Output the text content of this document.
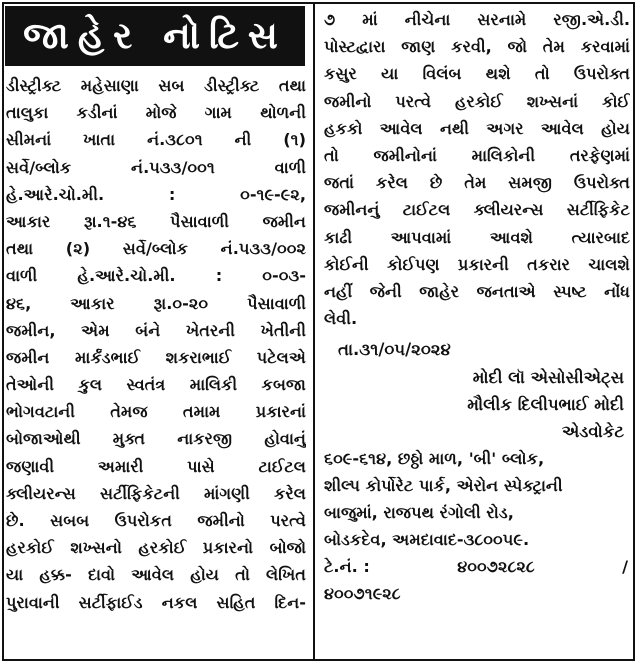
જાહેર નોટિસ
ડીસ્ટ્રીક્ટ મહેસાણા સબ ડીસ્ટ્રીક્ટ તથા
તાલુકા કડીનાં મોજે ગામ થોળની
સીમનાં ખાતા નં.૩૮૦૧ ની (૧)
સર્વે/બ્લોક નં.૫૩૩/૦૦૧ વાળી
હે.આરે.ચો.મી. : ૦-૧૯-૯૨,
આકાર રૂા.૧-૪૬ પૈસાવાળી જમીન
તથા (૨) સર્વે/બ્લોક નં.૫૩૩/૦૦૨
વાળી હે.આરે.ચો.મી. : ૦-૦૩-
૪૬, આકાર રૂા.૦-૨૦ પૈસાવાળી
જમીન, એમ બંને ખેતરની ખેતીની
જમીન માર્કંડભાઈ શકરાભાઈ પટેલએ
તેઓની કુલ સ્વતંત્ર માલિકી કબજા
ભોગવટાની તેમજ તમામ પ્રકારનાં
બોજાઓથી મુક્ત નાકરજી હોવાનું
જણાવી અમારી પાસે ટાઈટલ
ક્લીયરન્સ સર્ટીફિકેટની માંગણી કરેલ
છે. સબબ ઉપરોકત જમીનો પરત્વે
હરકોઈ શખ્સનો હરકોઈ પ્રકારનો બોજો
યા હક્ક- દાવો આવેલ હોય તો લેખિત
પુરાવાની સર્ટીફાઈડ નકલ સહિત દિન-
૭ માં નીચેના સરનામે રજી.એ.ડી.
પોસ્ટદ્વારા જાણ કરવી, જો તેમ કરવામાં
કસુર યા વિલંબ થશે તો ઉપરોક્ત
જમીનો પરત્વે હરકોઈ શખ્સનાં કોઈ
હકકો આવેલ નથી અગર આવેલ હોય
તો જમીનોનાં માલિકોની તરફેણમાં
જતાં કરેલ છે તેમ સમજી ઉપરોક્ત
જમીનનું ટાઈટલ ક્લીયરન્સ સર્ટીફિકેટ
કાઢી આપવામાં આવશે ત્યારબાદ
કોઈની કોઈપણ પ્રકારની તકરાર ચાલશે
નહીં જેની જાહેર જનતાએ સ્પષ્ટ નોંધ
લેવી.
તા.૩૧/૦૫/૨૦૨૪
મોદી લૉ એસોસીએટ્સ
મૌલીક દિલીપભાઈ મોદી
એડવોકેટ
૬૦૯-૬૧૪, છઠ્ઠો માળ, 'બી' બ્લોક,
શીલ્પ કોર્પોરેટ પાર્ક, એરોન સ્પેક્ટ્રાની
બાજુમાં, રાજપથ રંગોલી રોડ,
બોડકદેવ, અમદાવાદ-૩૮૦૦૫૯.
ટે.નં. :	૪૦૦૭૨૮૨૮	/
૪૦૦૭૧૯૨૮
